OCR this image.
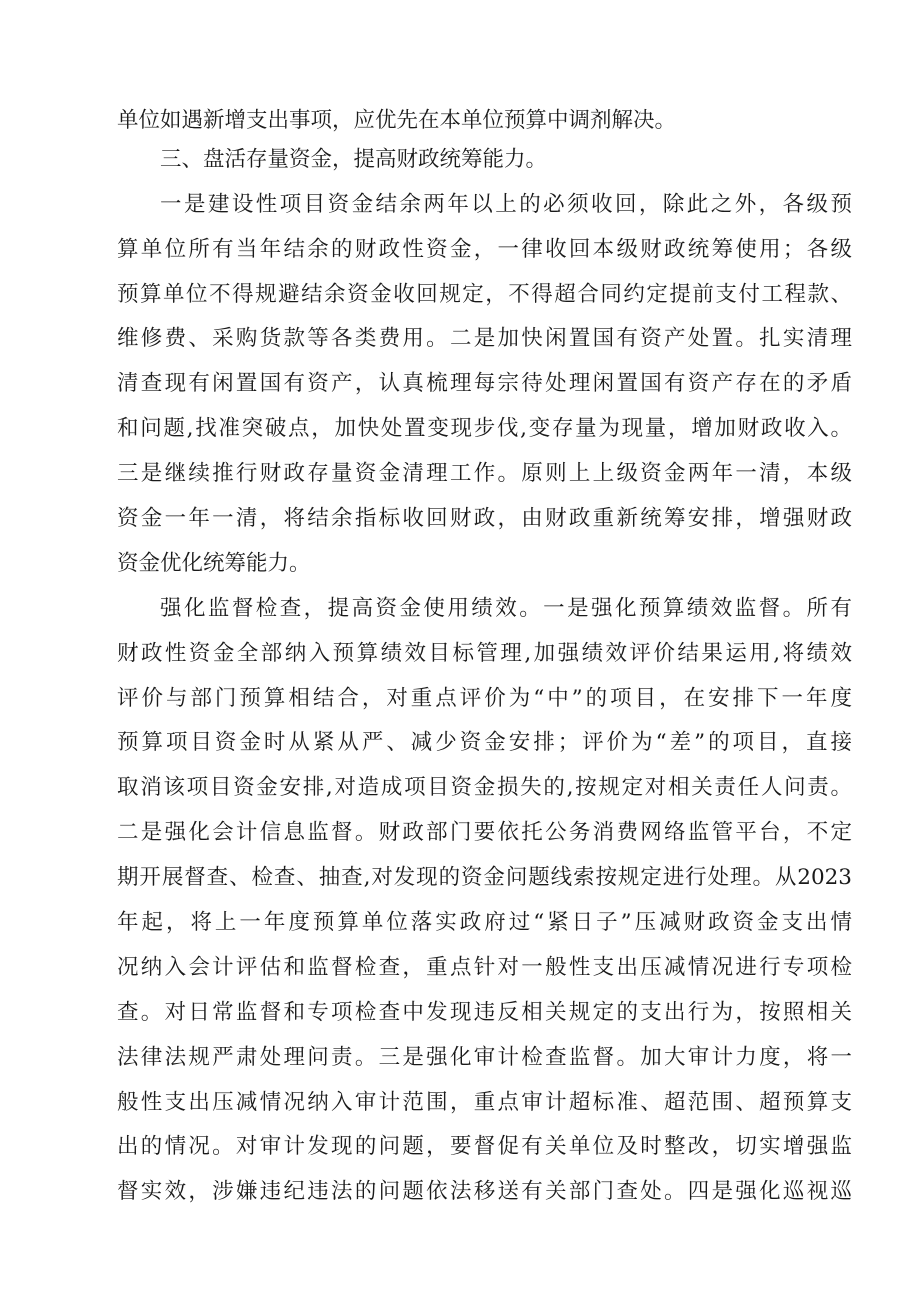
单位如遇新增支出事项，应优先在本单位预算中调剂解决。
三、盘活存量资金，提高财政统筹能力。
一是建设性项目资金结余两年以上的必须收回，除此之外，各级预
算单位所有当年结余的财政性资金，一律收回本级财政统筹使用；各级
预算单位不得规避结余资金收回规定，不得超合同约定提前支付工程款、
维修费、采购货款等各类费用。二是加快闲置国有资产处置。扎实清理
清查现有闲置国有资产，认真梳理每宗待处理闲置国有资产存在的矛盾
和问题,找准突破点，加快处置变现步伐,变存量为现量，增加财政收入。
三是继续推行财政存量资金清理工作。原则上上级资金两年一清，本级
资金一年一清，将结余指标收回财政，由财政重新统筹安排，增强财政
资金优化统筹能力。
强化监督检查，提高资金使用绩效。一是强化预算绩效监督。所有
财政性资金全部纳入预算绩效目标管理,加强绩效评价结果运用,将绩效
评价与部门预算相结合，对重点评价为“中”的项目，在安排下一年度
预算项目资金时从紧从严、减少资金安排；评价为“差”的项目，直接
取消该项目资金安排,对造成项目资金损失的,按规定对相关责任人问责。
二是强化会计信息监督。财政部门要依托公务消费网络监管平台，不定
期开展督查、检查、抽查,对发现的资金问题线索按规定进行处理。从2023
年起，将上一年度预算单位落实政府过“紧日子”压减财政资金支出情
况纳入会计评估和监督检查，重点针对一般性支出压减情况进行专项检
查。对日常监督和专项检查中发现违反相关规定的支出行为，按照相关
法律法规严肃处理问责。三是强化审计检查监督。加大审计力度，将一
般性支出压减情况纳入审计范围，重点审计超标准、超范围、超预算支
出的情况。对审计发现的问题，要督促有关单位及时整改，切实增强监
督实效，涉嫌违纪违法的问题依法移送有关部门查处。四是强化巡视巡
